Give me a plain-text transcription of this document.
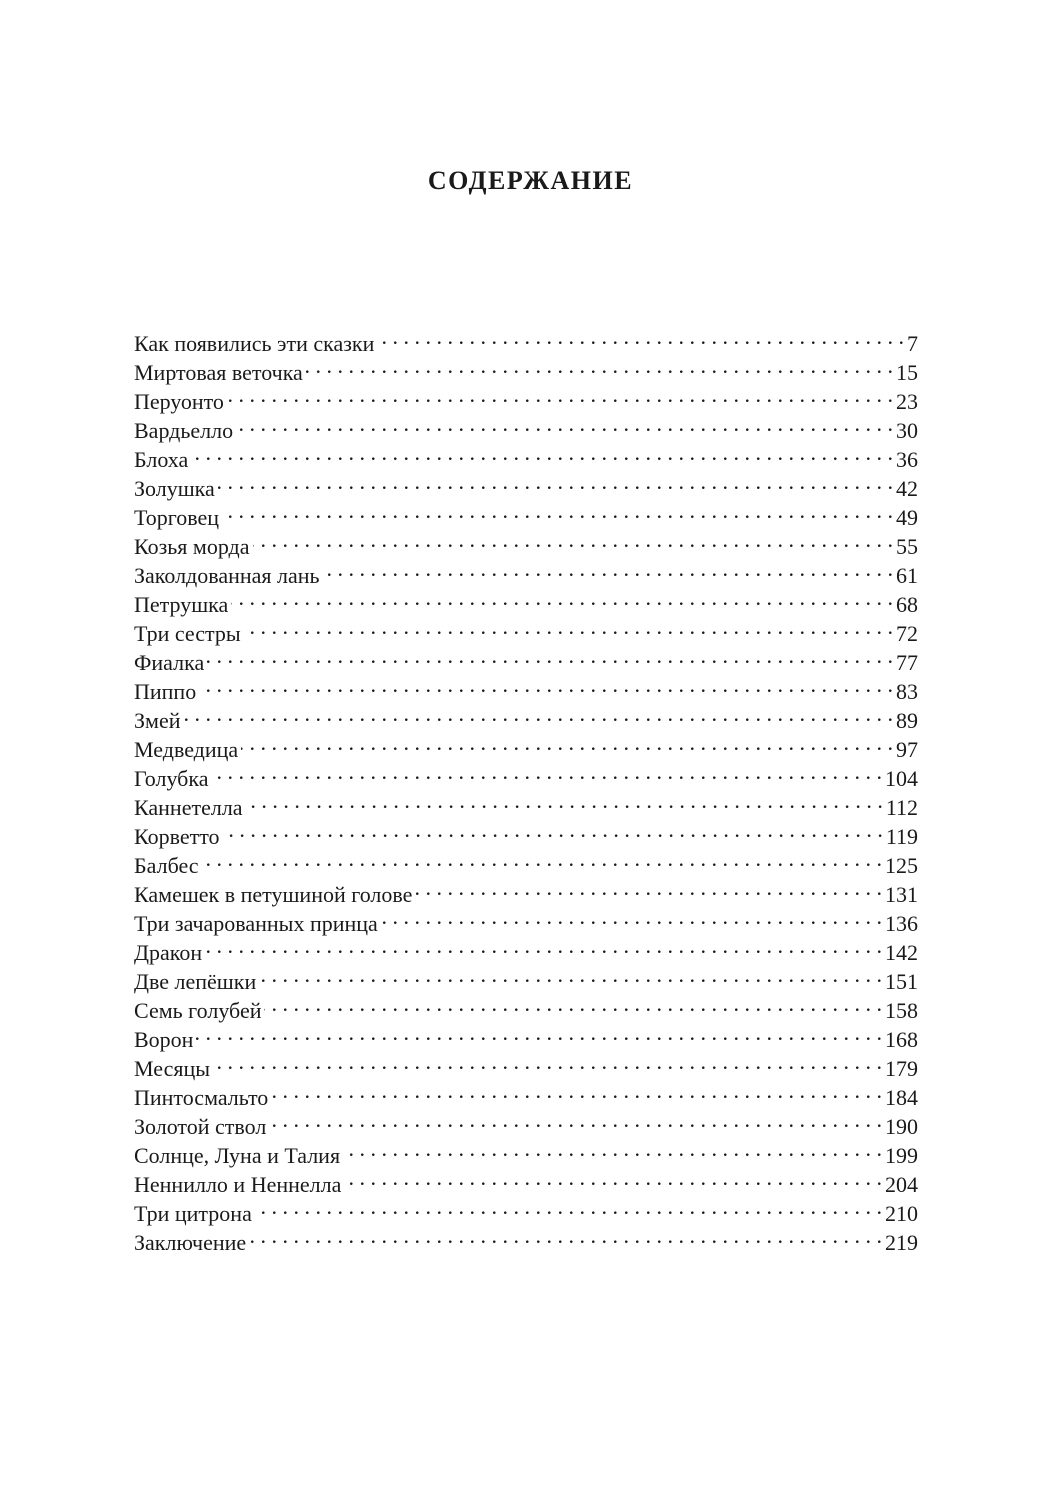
СОДЕРЖАНИЕ
Как появились эти сказки . . .	7
Миртовая веточка . . .	15
Перуонто . . .	23
Вардьелло . . .	30
Блоха . . .	36
Золушка . . .	42
Торговец . . .	49
Козья морда . . .	55
Заколдованная лань . . .	61
Петрушка . . .	68
Три сестры . . .	72
Фиалка . . .	77
Пиппо . . .	83
Змей . . .	89
Медведица . . .	97
Голубка . . .	104
Каннетелла . . .	112
Корветто . . .	119
Балбес . . .	125
Камешек в петушиной голове . . .	131
Три зачарованных принца . . .	136
Дракон . . .	142
Две лепёшки . . .	151
Семь голубей . . .	158
Ворон . . .	168
Месяцы . . .	179
Пинтосмальто . . .	184
Золотой ствол . . .	190
Солнце, Луна и Талия . . .	199
Ненниллo и Неннелла . . .	204
Три цитрона . . .	210
Заключение . . .	219
